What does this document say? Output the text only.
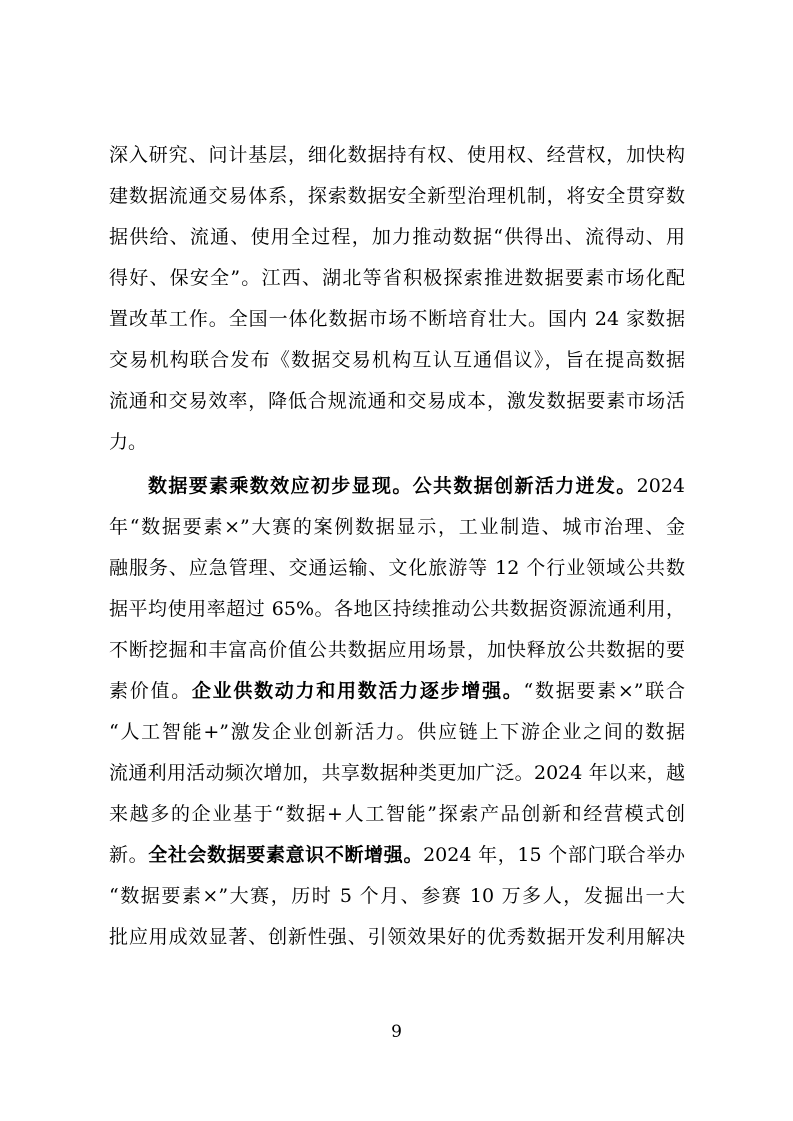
深入研究、问计基层，细化数据持有权、使用权、经营权，加快构
建数据流通交易体系，探索数据安全新型治理机制，将安全贯穿数
据供给、流通、使用全过程，加力推动数据“供得出、流得动、用
得好、保安全”。江西、湖北等省积极探索推进数据要素市场化配
置改革工作。全国一体化数据市场不断培育壮大。国内 24 家数据
交易机构联合发布《数据交易机构互认互通倡议》，旨在提高数据
流通和交易效率，降低合规流通和交易成本，激发数据要素市场活
力。
数据要素乘数效应初步显现。公共数据创新活力迸发。2024
年“数据要素×”大赛的案例数据显示，工业制造、城市治理、金
融服务、应急管理、交通运输、文化旅游等 12 个行业领域公共数
据平均使用率超过 65%。各地区持续推动公共数据资源流通利用，
不断挖掘和丰富高价值公共数据应用场景，加快释放公共数据的要
素价值。企业供数动力和用数活力逐步增强。“数据要素×”联合
“人工智能+”激发企业创新活力。供应链上下游企业之间的数据
流通利用活动频次增加，共享数据种类更加广泛。2024 年以来，越
来越多的企业基于“数据+人工智能”探索产品创新和经营模式创
新。全社会数据要素意识不断增强。2024 年，15 个部门联合举办
“数据要素×”大赛，历时 5 个月、参赛 10 万多人，发掘出一大
批应用成效显著、创新性强、引领效果好的优秀数据开发利用解决
9
